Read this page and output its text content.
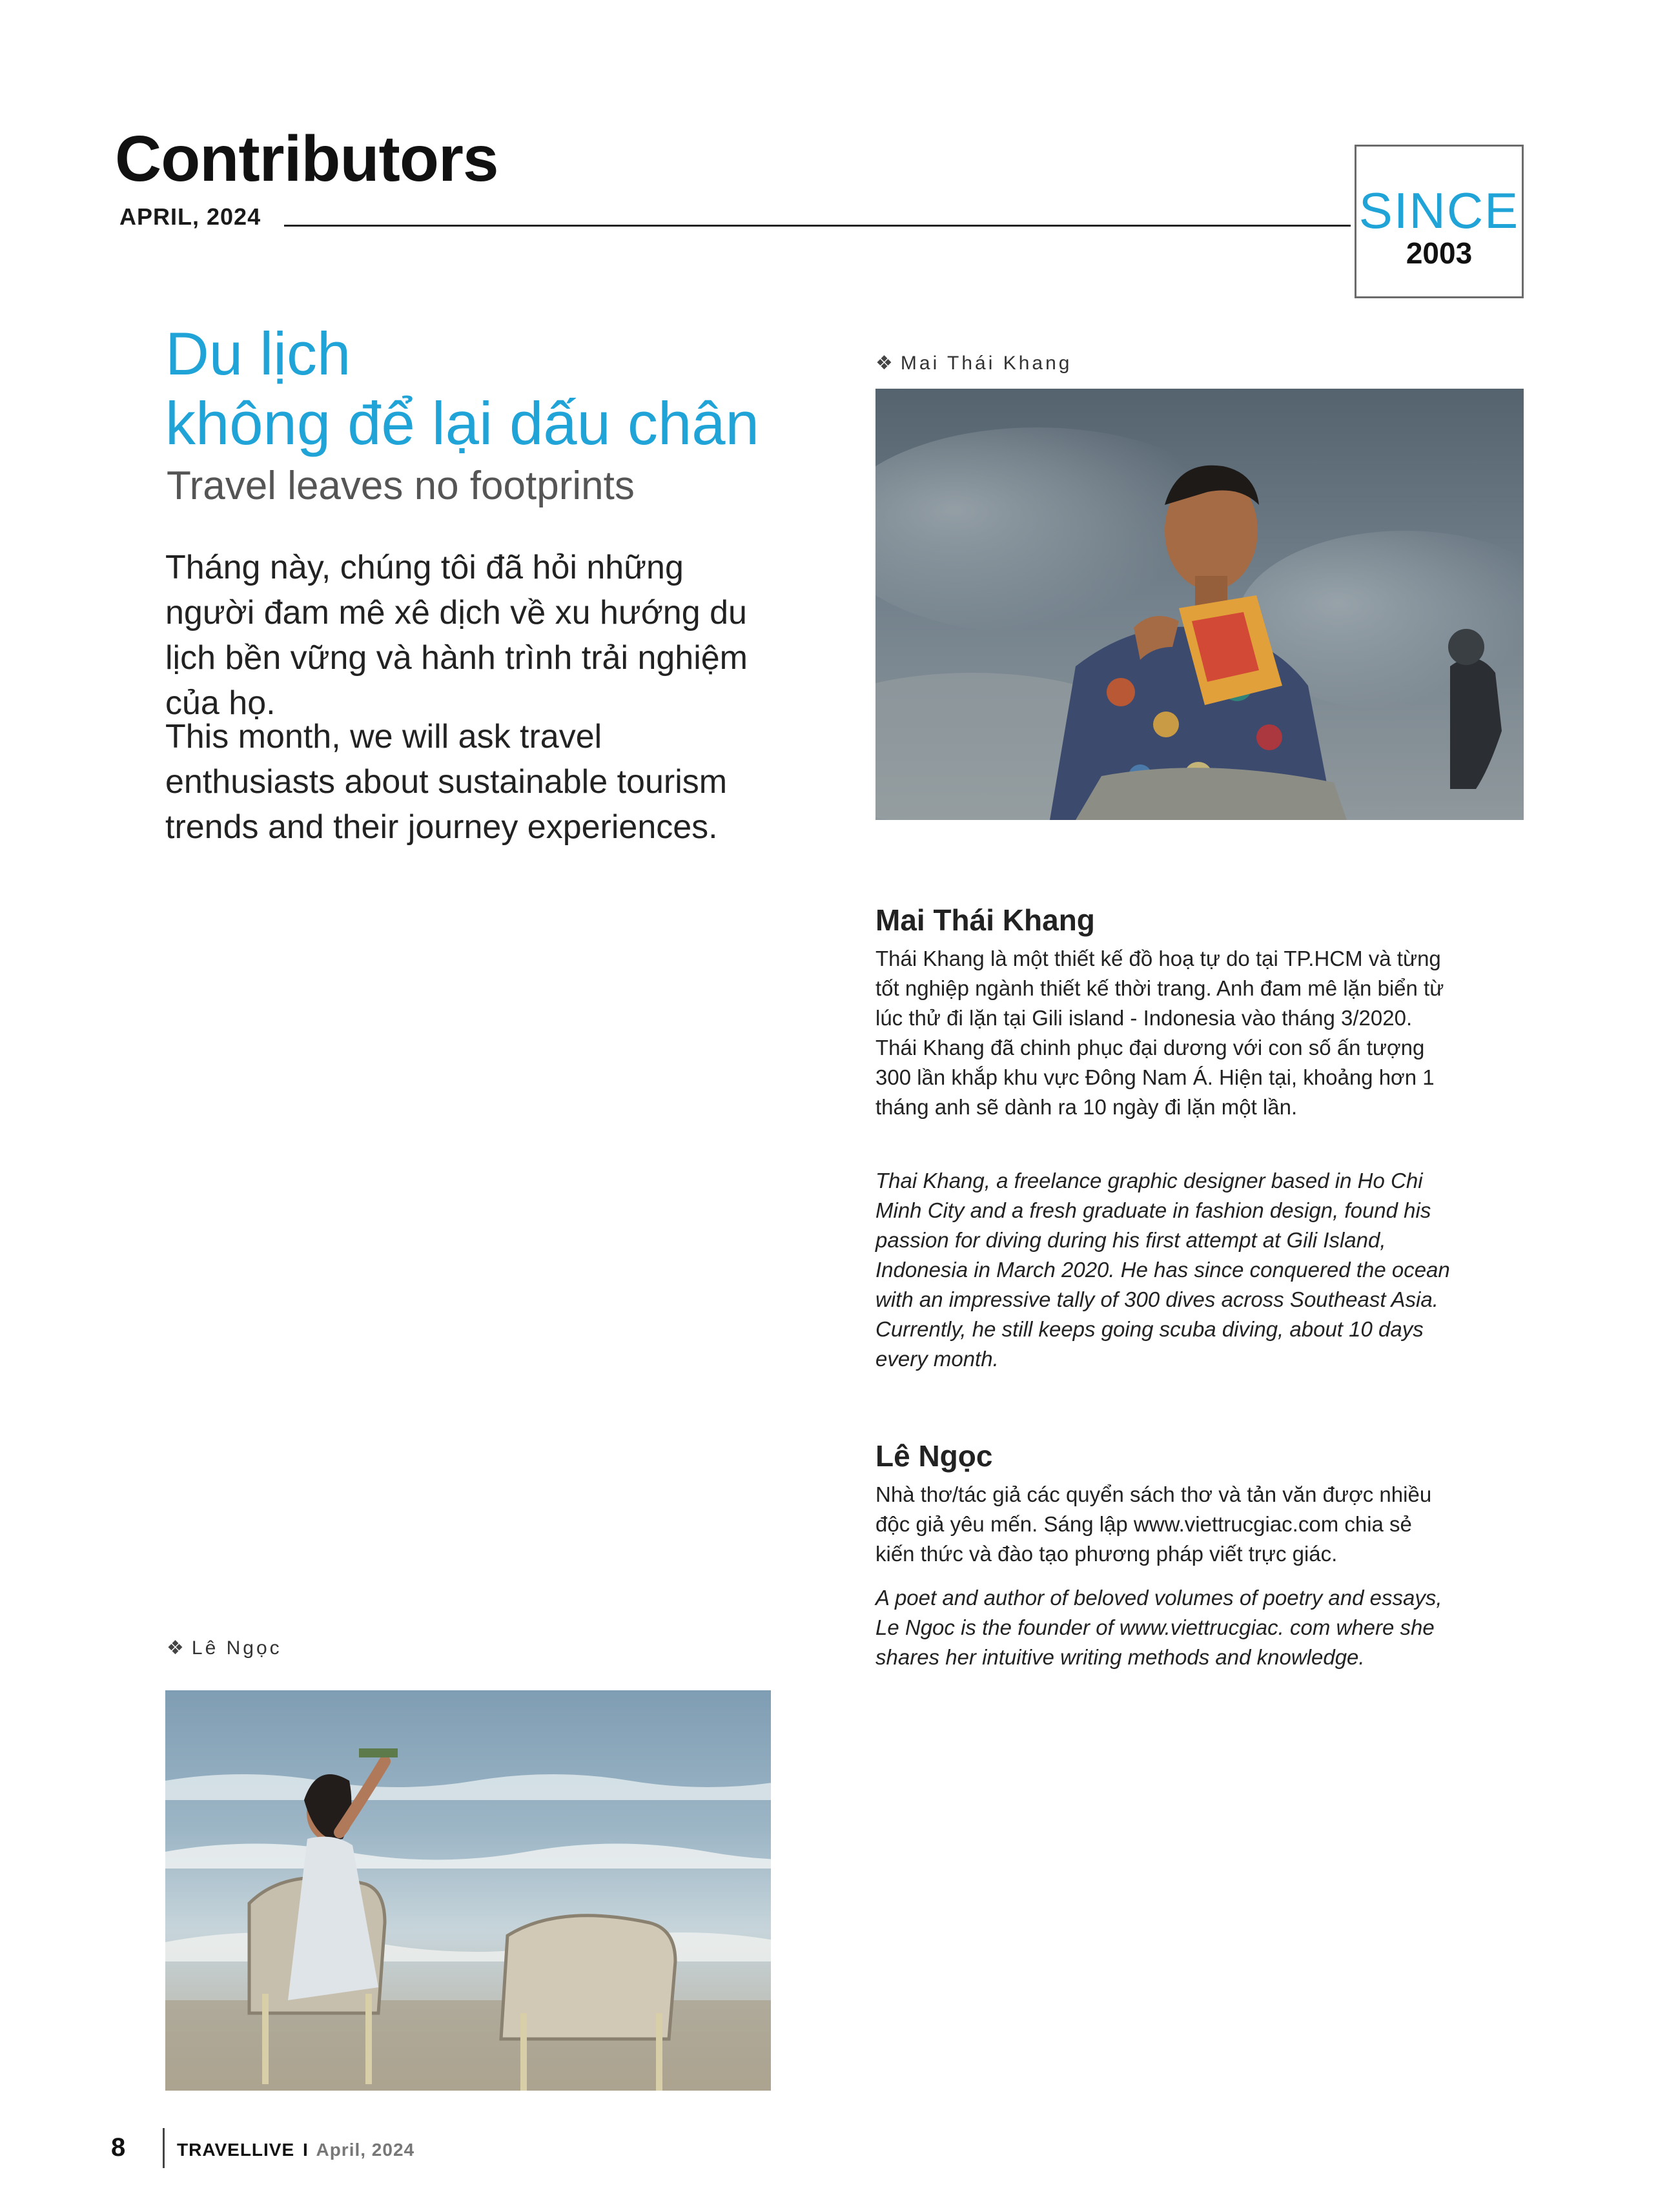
Contributors
APRIL, 2024	SINCE
2003
Du lịch
không để lại dấu chân
Travel leaves no footprints

Tháng này, chúng tôi đã hỏi những người đam mê xê dịch về xu hướng du lịch bền vững và hành trình trải nghiệm của họ.

This month, we will ask travel enthusiasts about sustainable tourism trends and their journey experiences.

❖ Mai Thái Khang
Mai Thái Khang

Thái Khang là một thiết kế đồ hoạ tự do tại TP.HCM và từng tốt nghiệp ngành thiết kế thời trang. Anh đam mê lặn biển từ lúc thử đi lặn tại Gili island - Indonesia vào tháng 3/2020. Thái Khang đã chinh phục đại dương với con số ấn tượng 300 lần khắp khu vực Đông Nam Á. Hiện tại, khoảng hơn 1 tháng anh sẽ dành ra 10 ngày đi lặn một lần.

Thai Khang, a freelance graphic designer based in Ho Chi Minh City and a fresh graduate in fashion design, found his passion for diving during his first attempt at Gili Island, Indonesia in March 2020. He has since conquered the ocean with an impressive tally of 300 dives across Southeast Asia. Currently, he still keeps going scuba diving, about 10 days every month.

Lê Ngọc

Nhà thơ/tác giả các quyển sách thơ và tản văn được nhiều độc giả yêu mến. Sáng lập www.viettrucgiac.com chia sẻ kiến thức và đào tạo phương pháp viết trực giác.

A poet and author of beloved volumes of poetry and essays, Le Ngoc is the founder of www.viettrucgiac. com where she shares her intuitive writing methods and knowledge.

❖ Lê Ngọc
8	TRAVELLIVE I April, 2024
